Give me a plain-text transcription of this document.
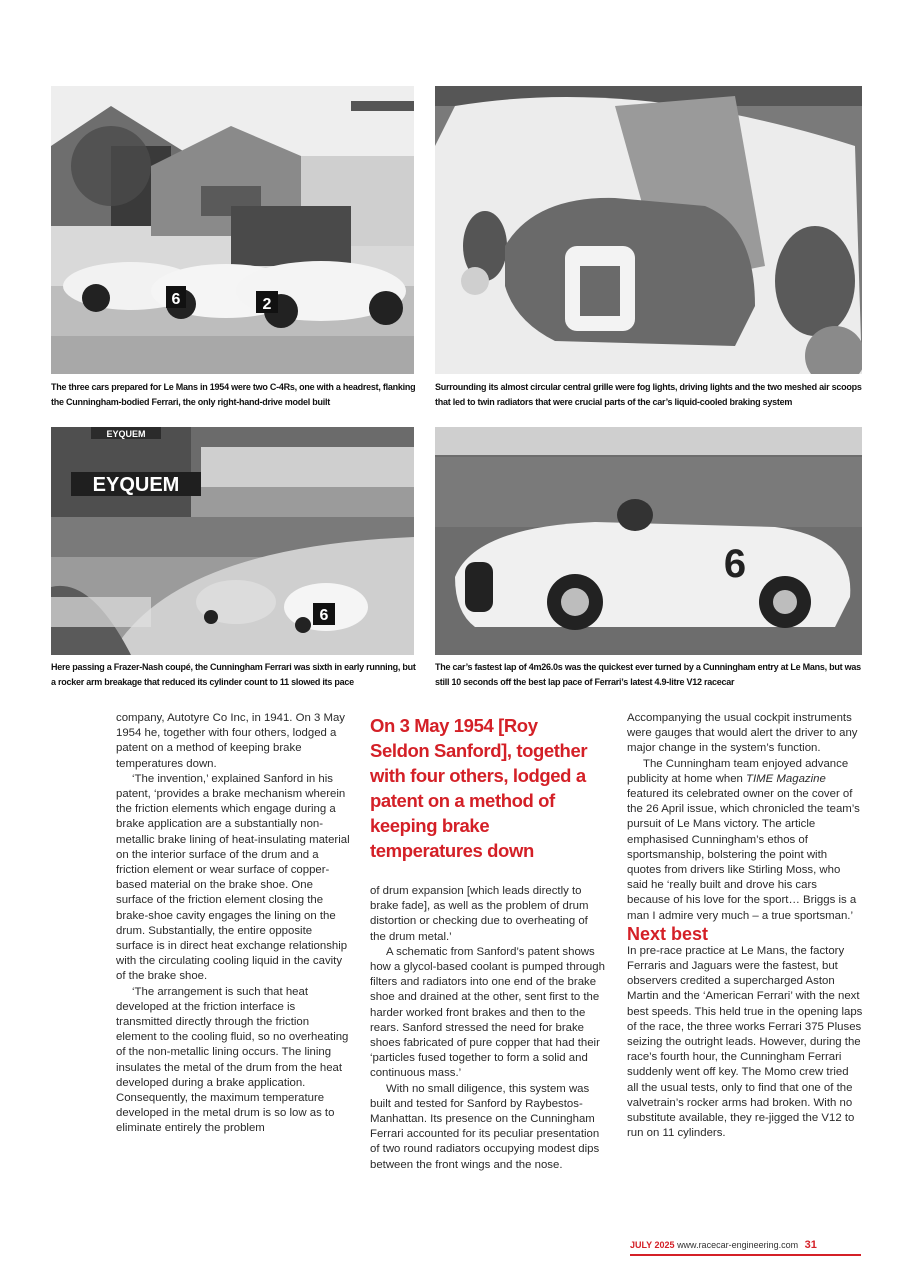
6	2

The three cars prepared for Le Mans in 1954 were two C-4Rs, one with a headrest, flanking the Cunningham-bodied Ferrari, the only right-hand-drive model built

Surrounding its almost circular central grille were fog lights, driving lights and the two meshed air scoops that led to twin radiators that were crucial parts of the car’s liquid-cooled braking system

EYQUEM
EYQUEM
6

Here passing a Frazer-Nash coupé, the Cunningham Ferrari was sixth in early running, but a rocker arm breakage that reduced its cylinder count to 11 slowed its pace

6

The car’s fastest lap of 4m26.0s was the quickest ever turned by a Cunningham entry at Le Mans, but was still 10 seconds off the best lap pace of Ferrari’s latest 4.9-litre V12 racecar

company, Autotyre Co Inc, in 1941. On 3 May 1954 he, together with four others, lodged a patent on a method of keeping brake temperatures down.

‘The invention,’ explained Sanford in his patent, ‘provides a brake mechanism wherein the friction elements which engage during a brake application are a substantially non-metallic brake lining of heat-insulating material on the interior surface of the drum and a friction element or wear surface of copper-based material on the brake shoe. One surface of the friction element closing the brake-shoe cavity engages the lining on the drum. Substantially, the entire opposite surface is in direct heat exchange relationship with the circulating cooling liquid in the cavity of the brake shoe.

‘The arrangement is such that heat developed at the friction interface is transmitted directly through the friction element to the cooling fluid, so no overheating of the non-metallic lining occurs. The lining insulates the metal of the drum from the heat developed during a brake application. Consequently, the maximum temperature developed in the metal drum is so low as to eliminate entirely the problem

On 3 May 1954 [Roy Seldon Sanford], together with four others, lodged a patent on a method of keeping brake temperatures down

of drum expansion [which leads directly to brake fade], as well as the problem of drum distortion or checking due to overheating of the drum metal.’

A schematic from Sanford’s patent shows how a glycol-based coolant is pumped through filters and radiators into one end of the brake shoe and drained at the other, sent first to the harder worked front brakes and then to the rears. Sanford stressed the need for brake shoes fabricated of pure copper that had their ‘particles fused together to form a solid and continuous mass.’

With no small diligence, this system was built and tested for Sanford by Raybestos-Manhattan. Its presence on the Cunningham Ferrari accounted for its peculiar presentation of two round radiators occupying modest dips between the front wings and the nose.

Accompanying the usual cockpit instruments were gauges that would alert the driver to any major change in the system’s function.

The Cunningham team enjoyed advance publicity at home when TIME Magazine featured its celebrated owner on the cover of the 26 April issue, which chronicled the team’s pursuit of Le Mans victory. The article emphasised Cunningham’s ethos of sportsmanship, bolstering the point with quotes from drivers like Stirling Moss, who said he ‘really built and drove his cars because of his love for the sport… Briggs is a man I admire very much – a true sportsman.’

Next best

In pre-race practice at Le Mans, the factory Ferraris and Jaguars were the fastest, but observers credited a supercharged Aston Martin and the ‘American Ferrari’ with the next best speeds. This held true in the opening laps of the race, the three works Ferrari 375 Pluses seizing the outright leads. However, during the race’s fourth hour, the Cunningham Ferrari suddenly went off key. The Momo crew tried all the usual tests, only to find that one of the valvetrain’s rocker arms had broken. With no substitute available, they re-jigged the V12 to run on 11 cylinders.

JULY 2025 www.racecar-engineering.com 31
